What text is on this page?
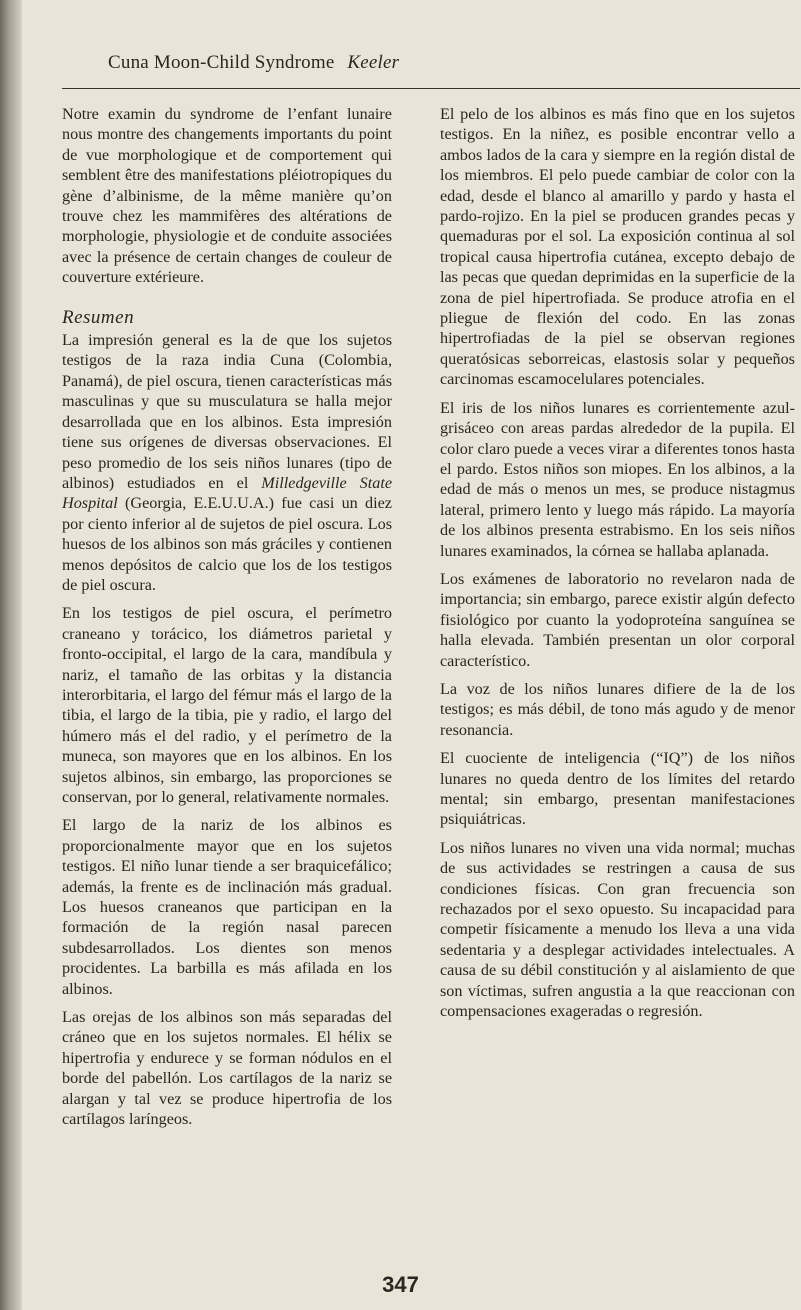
Cuna Moon-Child Syndrome Keeler

Notre examin du syndrome de l’enfant lunaire nous montre des changements importants du point de vue morphologique et de comportement qui semblent être des manifestations pléiotropiques du gène d’albinisme, de la même manière qu’on trouve chez les mammifères des altérations de morphologie, physiologie et de conduite associées avec la présence de certain changes de couleur de couverture extérieure.

Resumen

La impresión general es la de que los sujetos testigos de la raza india Cuna (Colombia, Panamá), de piel oscura, tienen características más masculinas y que su musculatura se halla mejor desarrollada que en los albinos. Esta impresión tiene sus orígenes de diversas observaciones. El peso promedio de los seis niños lunares (tipo de albinos) estudiados en el Milledgeville State Hospital (Georgia, E.E.U.U.A.) fue casi un diez por ciento inferior al de sujetos de piel oscura. Los huesos de los albinos son más gráciles y contienen menos depósitos de calcio que los de los testigos de piel oscura.

En los testigos de piel oscura, el perímetro craneano y torácico, los diámetros parietal y fronto-occipital, el largo de la cara, mandíbula y nariz, el tamaño de las orbitas y la distancia interorbitaria, el largo del fémur más el largo de la tibia, el largo de la tibia, pie y radio, el largo del húmero más el del radio, y el perímetro de la muneca, son mayores que en los albinos. En los sujetos albinos, sin embargo, las proporciones se conservan, por lo general, relativamente normales.

El largo de la nariz de los albinos es proporcionalmente mayor que en los sujetos testigos. El niño lunar tiende a ser braquicefálico; además, la frente es de inclinación más gradual. Los huesos craneanos que participan en la formación de la región nasal parecen subdesarrollados. Los dientes son menos procidentes. La barbilla es más afilada en los albinos.

Las orejas de los albinos son más separadas del cráneo que en los sujetos normales. El hélix se hipertrofia y endurece y se forman nódulos en el borde del pabellón. Los cartílagos de la nariz se alargan y tal vez se produce hipertrofia de los cartílagos laríngeos.

El pelo de los albinos es más fino que en los sujetos testigos. En la niñez, es posible encontrar vello a ambos lados de la cara y siempre en la región distal de los miembros. El pelo puede cambiar de color con la edad, desde el blanco al amarillo y pardo y hasta el pardo-rojizo. En la piel se producen grandes pecas y quemaduras por el sol. La exposición continua al sol tropical causa hipertrofia cutánea, excepto debajo de las pecas que quedan deprimidas en la superficie de la zona de piel hipertrofiada. Se produce atrofia en el pliegue de flexión del codo. En las zonas hipertrofiadas de la piel se observan regiones queratósicas seborreicas, elastosis solar y pequeños carcinomas escamocelulares potenciales.

El iris de los niños lunares es corrientemente azul-grisáceo con areas pardas alrededor de la pupila. El color claro puede a veces virar a diferentes tonos hasta el pardo. Estos niños son miopes. En los albinos, a la edad de más o menos un mes, se produce nistagmus lateral, primero lento y luego más rápido. La mayoría de los albinos presenta estrabismo. En los seis niños lunares examinados, la córnea se hallaba aplanada.

Los exámenes de laboratorio no revelaron nada de importancia; sin embargo, parece existir algún defecto fisiológico por cuanto la yodoproteína sanguínea se halla elevada. También presentan un olor corporal característico.

La voz de los niños lunares difiere de la de los testigos; es más débil, de tono más agudo y de menor resonancia.

El cuociente de inteligencia (“IQ”) de los niños lunares no queda dentro de los límites del retardo mental; sin embargo, presentan manifestaciones psiquiátricas.

Los niños lunares no viven una vida normal; muchas de sus actividades se restringen a causa de sus condiciones físicas. Con gran frecuencia son rechazados por el sexo opuesto. Su incapacidad para competir físicamente a menudo los lleva a una vida sedentaria y a desplegar actividades intelectuales. A causa de su débil constitución y al aislamiento de que son víctimas, sufren angustia a la que reaccionan con compensaciones exageradas o regresión.

347
